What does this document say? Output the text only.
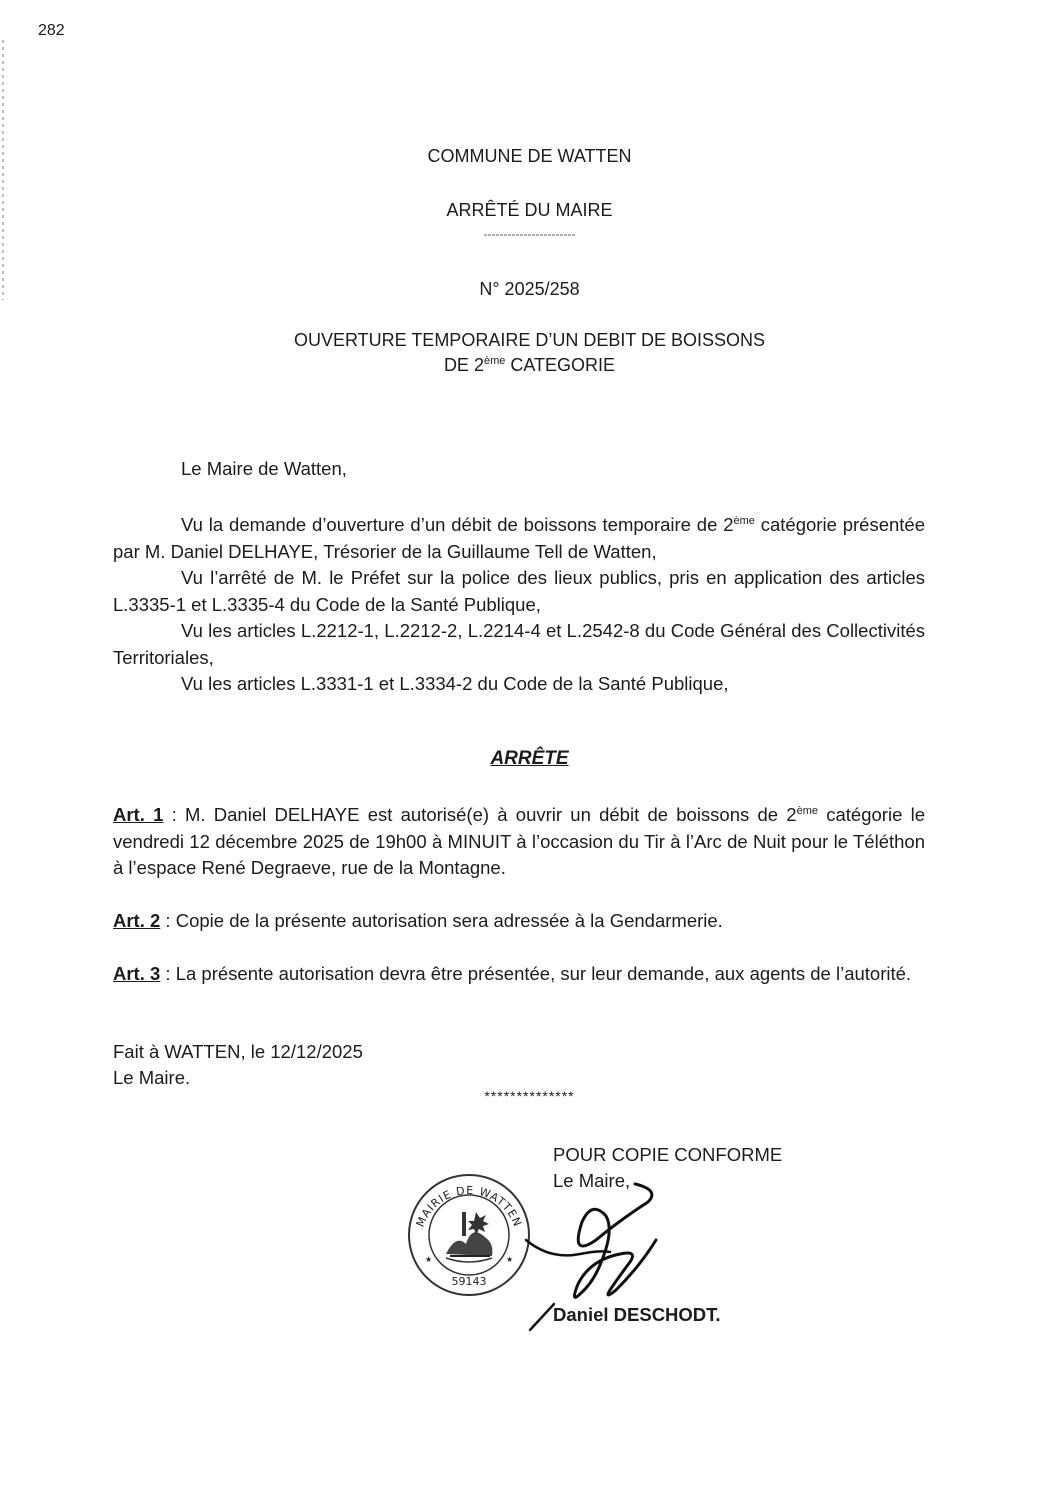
282
COMMUNE DE WATTEN
ARRÊTÉ DU MAIRE
-----------------------
N° 2025/258
OUVERTURE TEMPORAIRE D’UN DEBIT DE BOISSONS
DE 2ème CATEGORIE
Le Maire de Watten,

Vu la demande d’ouverture d’un débit de boissons temporaire de 2ème catégorie présentée par M. Daniel DELHAYE, Trésorier de la Guillaume Tell de Watten,

Vu l’arrêté de M. le Préfet sur la police des lieux publics, pris en application des articles L.3335-1 et L.3335-4 du Code de la Santé Publique,

Vu les articles L.2212-1, L.2212-2, L.2214-4 et L.2542-8 du Code Général des Collectivités Territoriales,

Vu les articles L.3331-1 et L.3334-2 du Code de la Santé Publique,

ARRÊTE

Art. 1 : M. Daniel DELHAYE est autorisé(e) à ouvrir un débit de boissons de 2ème catégorie le vendredi 12 décembre 2025 de 19h00 à MINUIT à l’occasion du Tir à l’Arc de Nuit pour le Téléthon à l’espace René Degraeve, rue de la Montagne.

Art. 2 : Copie de la présente autorisation sera adressée à la Gendarmerie.

Art. 3 : La présente autorisation devra être présentée, sur leur demande, aux agents de l’autorité.

Fait à WATTEN, le 12/12/2025
Le Maire.
**************
POUR COPIE CONFORME
Le Maire,
MAIRIE DE WATTEN
59143
★	★
Daniel DESCHODT.
